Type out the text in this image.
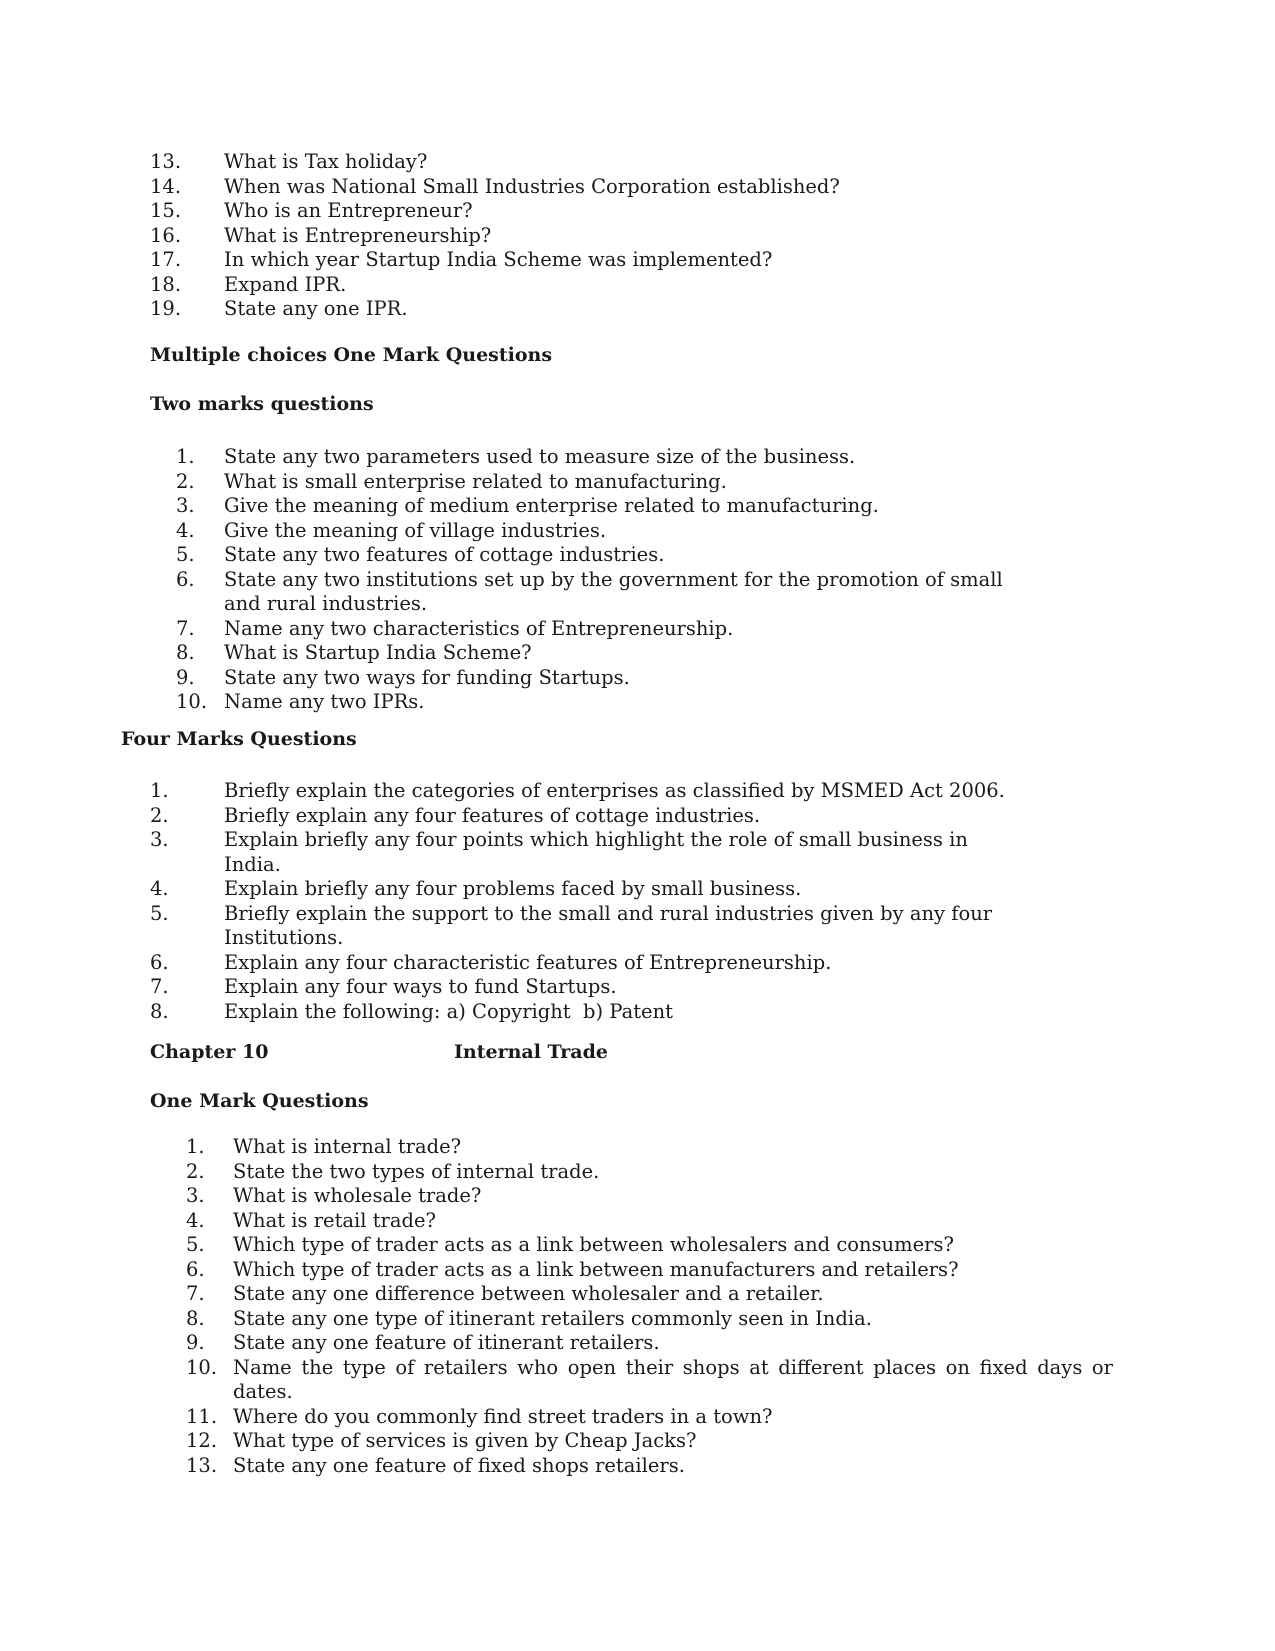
13. What is Tax holiday?
14. When was National Small Industries Corporation established?
15. Who is an Entrepreneur?
16. What is Entrepreneurship?
17. In which year Startup India Scheme was implemented?
18. Expand IPR.
19. State any one IPR.
Multiple choices One Mark Questions
Two marks questions
1. State any two parameters used to measure size of the business.
2. What is small enterprise related to manufacturing.
3. Give the meaning of medium enterprise related to manufacturing.
4. Give the meaning of village industries.
5. State any two features of cottage industries.
6. State any two institutions set up by the government for the promotion of small and rural industries.
7. Name any two characteristics of Entrepreneurship.
8. What is Startup India Scheme?
9. State any two ways for funding Startups.
10. Name any two IPRs.
Four Marks Questions
1.	Briefly explain the categories of enterprises as classified by MSMED Act 2006.
2.	Briefly explain any four features of cottage industries.
3.	Explain briefly any four points which highlight the role of small business in India.
4.	Explain briefly any four problems faced by small business.
5.	Briefly explain the support to the small and rural industries given by any four Institutions.
6.	Explain any four characteristic features of Entrepreneurship.
7.	Explain any four ways to fund Startups.
8.	Explain the following: a) Copyright  b) Patent
Chapter 10	Internal Trade
One Mark Questions
1. What is internal trade?
2. State the two types of internal trade.
3. What is wholesale trade?
4. What is retail trade?
5. Which type of trader acts as a link between wholesalers and consumers?
6. Which type of trader acts as a link between manufacturers and retailers?
7. State any one difference between wholesaler and a retailer.
8. State any one type of itinerant retailers commonly seen in India.
9. State any one feature of itinerant retailers.
10. Name the type of retailers who open their shops at different places on fixed days or dates.
11. Where do you commonly find street traders in a town?
12. What type of services is given by Cheap Jacks?
13. State any one feature of fixed shops retailers.
